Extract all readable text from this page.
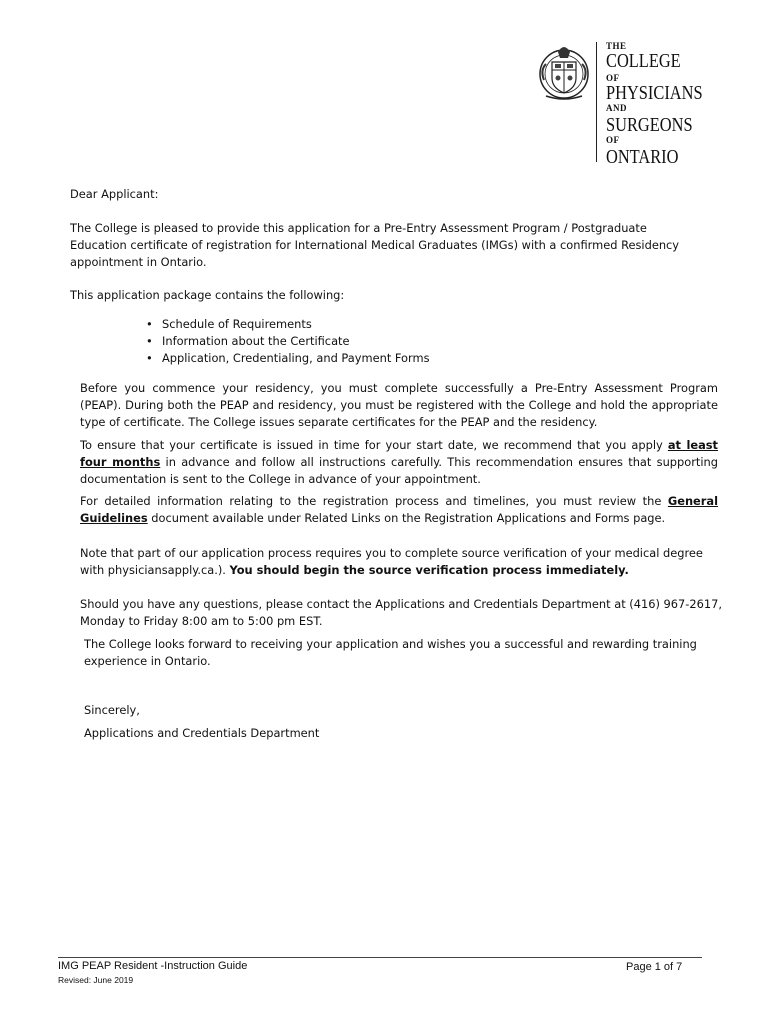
THE
COLLEGE
OF
PHYSICIANS
AND
SURGEONS
OF
ONTARIO
Dear Applicant:
The College is pleased to provide this application for a Pre-Entry Assessment Program / Postgraduate Education certificate of registration for International Medical Graduates (IMGs) with a confirmed Residency appointment in Ontario.
This application package contains the following:
• Schedule of Requirements
• Information about the Certificate
• Application, Credentialing, and Payment Forms
Before you commence your residency, you must complete successfully a Pre-Entry Assessment Program (PEAP). During both the PEAP and residency, you must be registered with the College and hold the appropriate type of certificate. The College issues separate certificates for the PEAP and the residency.
To ensure that your certificate is issued in time for your start date, we recommend that you apply at least four months in advance and follow all instructions carefully. This recommendation ensures that supporting documentation is sent to the College in advance of your appointment.
For detailed information relating to the registration process and timelines, you must review the General Guidelines document available under Related Links on the Registration Applications and Forms page.
Note that part of our application process requires you to complete source verification of your medical degree with physiciansapply.ca.). You should begin the source verification process immediately.
Should you have any questions, please contact the Applications and Credentials Department at (416) 967-2617, Monday to Friday 8:00 am to 5:00 pm EST.
The College looks forward to receiving your application and wishes you a successful and rewarding training experience in Ontario.
Sincerely,
Applications and Credentials Department
IMG PEAP Resident -Instruction Guide
Revised: June 2019
Page 1 of 7
